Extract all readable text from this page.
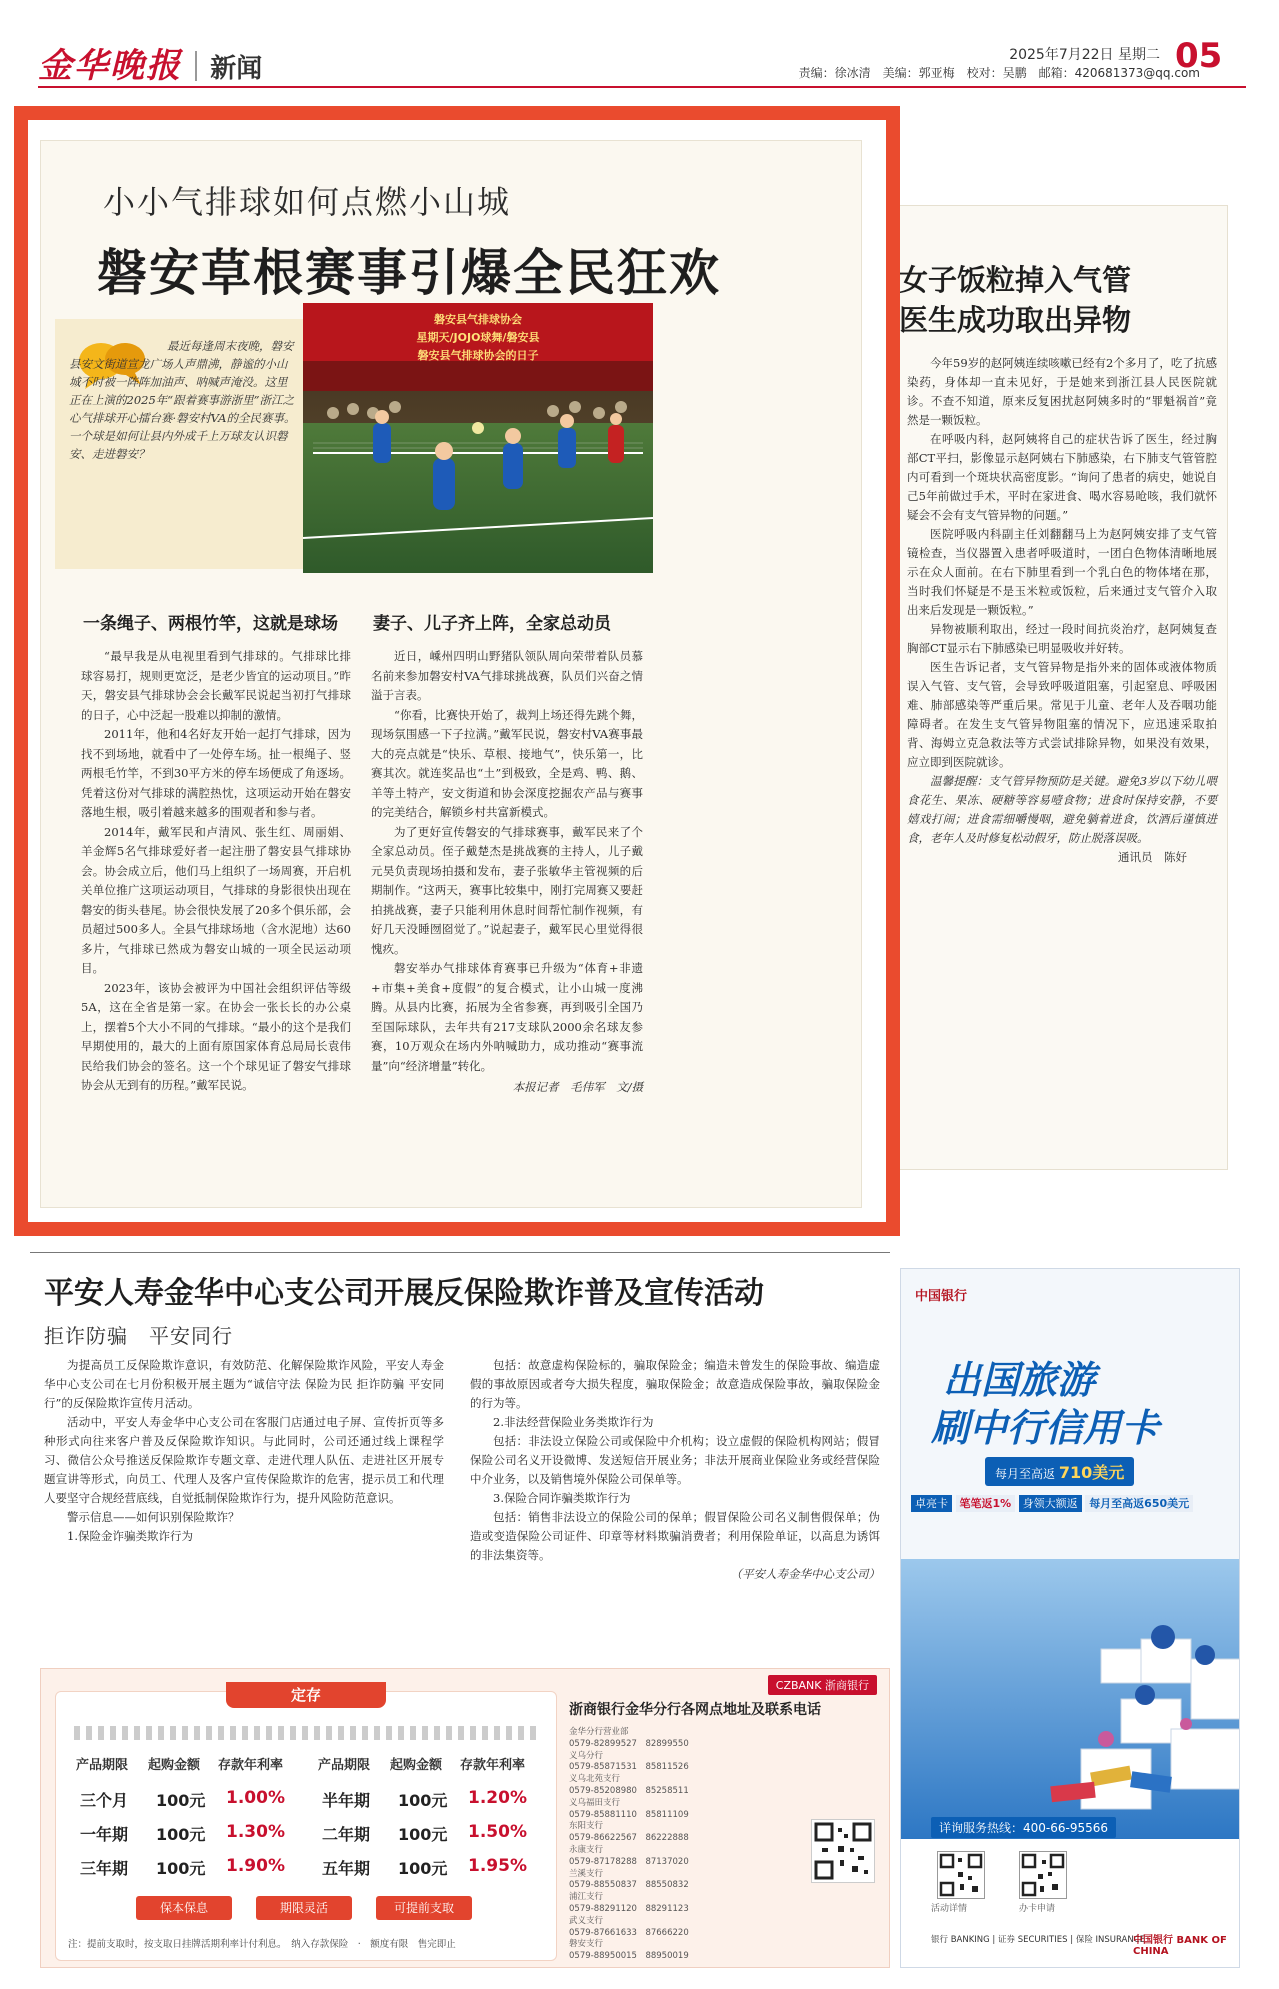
金华晚报 新闻	2025年7月22日 星期二 05
责编：徐冰清　美编：郭亚梅　校对：吴鹏　邮箱：420681373@qq.com
女子饭粒掉入气管
医生成功取出异物

今年59岁的赵阿姨连续咳嗽已经有2个多月了，吃了抗感染药，身体却一直未见好，于是她来到浙江县人民医院就诊。不查不知道，原来反复困扰赵阿姨多时的“罪魁祸首”竟然是一颗饭粒。

在呼吸内科，赵阿姨将自己的症状告诉了医生，经过胸部CT平扫，影像显示赵阿姨右下肺感染，右下肺支气管管腔内可看到一个斑块状高密度影。“询问了患者的病史，她说自己5年前做过手术，平时在家进食、喝水容易呛咳，我们就怀疑会不会有支气管异物的问题。”

医院呼吸内科副主任刘翻翻马上为赵阿姨安排了支气管镜检查，当仪器置入患者呼吸道时，一团白色物体清晰地展示在众人面前。在右下肺里看到一个乳白色的物体堵在那，当时我们怀疑是不是玉米粒或饭粒，后来通过支气管介入取出来后发现是一颗饭粒。”

异物被顺利取出，经过一段时间抗炎治疗，赵阿姨复查胸部CT显示右下肺感染已明显吸收并好转。

医生告诉记者，支气管异物是指外来的固体或液体物质误入气管、支气管，会导致呼吸道阻塞，引起窒息、呼吸困难、肺部感染等严重后果。常见于儿童、老年人及吞咽功能障碍者。在发生支气管异物阻塞的情况下，应迅速采取拍背、海姆立克急救法等方式尝试排除异物，如果没有效果，应立即到医院就诊。

温馨提醒：支气管异物预防是关键。避免3岁以下幼儿喂食花生、果冻、硬糖等容易噎食物；进食时保持安静，不要嬉戏打闹；进食需细嚼慢咽，避免躺着进食，饮酒后谨慎进食，老年人及时修复松动假牙，防止脱落误吸。

通讯员　陈好
小小气排球如何点燃小山城
磐安草根赛事引爆全民狂欢
最近每逢周末夜晚，磐安县安文街道宣龙广场人声鼎沸，静谧的小山城不时被一阵阵加油声、呐喊声淹没。这里正在上演的2025年“跟着赛事游浙里”浙江之心气排球开心擂台赛·磐安村VA的全民赛事。一个球是如何让县内外成千上万球友认识磐安、走进磐安？
磐安县气排球协会
星期天/JOJO球舞/磐安县
磐安县气排球协会的日子
一条绳子、两根竹竿，这就是球场

“最早我是从电视里看到气排球的。气排球比排球容易打，规则更宽泛，是老少皆宜的运动项目。”昨天，磐安县气排球协会会长戴军民说起当初打气排球的日子，心中泛起一股难以抑制的激情。

2011年，他和4名好友开始一起打气排球，因为找不到场地，就看中了一处停车场。扯一根绳子、竖两根毛竹竿，不到30平方米的停车场便成了角逐场。凭着这份对气排球的满腔热忱，这项运动开始在磐安落地生根，吸引着越来越多的围观者和参与者。

2014年，戴军民和卢清风、张生红、周丽娟、羊金辉5名气排球爱好者一起注册了磐安县气排球协会。协会成立后，他们马上组织了一场周赛，开启机关单位推广这项运动项目，气排球的身影很快出现在磐安的街头巷尾。协会很快发展了20多个俱乐部，会员超过500多人。全县气排球场地（含水泥地）达60多片，气排球已然成为磐安山城的一项全民运动项目。

2023年，该协会被评为中国社会组织评估等级5A，这在全省是第一家。在协会一张长长的办公桌上，摆着5个大小不同的气排球。“最小的这个是我们早期使用的，最大的上面有原国家体育总局局长袁伟民给我们协会的签名。这一个个球见证了磐安气排球协会从无到有的历程。”戴军民说。

妻子、儿子齐上阵，全家总动员

近日，嵊州四明山野猪队领队周向荣带着队员慕名前来参加磐安村VA气排球挑战赛，队员们兴奋之情溢于言表。

“你看，比赛快开始了，裁判上场还得先跳个舞，现场氛围感一下子拉满。”戴军民说，磐安村VA赛事最大的亮点就是“快乐、草根、接地气”，快乐第一，比赛其次。就连奖品也“土”到极致，全是鸡、鸭、鹅、羊等土特产，安文街道和协会深度挖掘农产品与赛事的完美结合，解锁乡村共富新模式。

为了更好宣传磐安的气排球赛事，戴军民来了个全家总动员。侄子戴楚杰是挑战赛的主持人，儿子戴元昊负责现场拍摄和发布，妻子张敏华主管视频的后期制作。“这两天，赛事比较集中，刚打完周赛又要赶拍挑战赛，妻子只能利用休息时间帮忙制作视频，有好几天没睡囫囵觉了。”说起妻子，戴军民心里觉得很愧疚。

磐安举办气排球体育赛事已升级为“体育+非遗+市集+美食+度假”的复合模式，让小山城一度沸腾。从县内比赛，拓展为全省参赛，再到吸引全国乃至国际球队，去年共有217支球队2000余名球友参赛，10万观众在场内外呐喊助力，成功推动“赛事流量”向“经济增量”转化。

本报记者　毛伟军　文/摄
平安人寿金华中心支公司开展反保险欺诈普及宣传活动
拒诈防骗　平安同行

为提高员工反保险欺诈意识，有效防范、化解保险欺诈风险，平安人寿金华中心支公司在七月份积极开展主题为“诚信守法 保险为民 拒诈防骗 平安同行”的反保险欺诈宣传月活动。

活动中，平安人寿金华中心支公司在客服门店通过电子屏、宣传折页等多种形式向往来客户普及反保险欺诈知识。与此同时，公司还通过线上课程学习、微信公众号推送反保险欺诈专题文章、走进代理人队伍、走进社区开展专题宣讲等形式，向员工、代理人及客户宣传保险欺诈的危害，提示员工和代理人要坚守合规经营底线，自觉抵制保险欺诈行为，提升风险防范意识。

警示信息——如何识别保险欺诈？

1.保险金诈骗类欺诈行为

包括：故意虚构保险标的，骗取保险金；编造未曾发生的保险事故、编造虚假的事故原因或者夸大损失程度，骗取保险金；故意造成保险事故，骗取保险金的行为等。

2.非法经营保险业务类欺诈行为

包括：非法设立保险公司或保险中介机构；设立虚假的保险机构网站；假冒保险公司名义开设微博、发送短信开展业务；非法开展商业保险业务或经营保险中介业务，以及销售境外保险公司保单等。

3.保险合同诈骗类欺诈行为

包括：销售非法设立的保险公司的保单；假冒保险公司名义制售假保单；伪造或变造保险公司证件、印章等材料欺骗消费者；利用保险单证，以高息为诱饵的非法集资等。

（平安人寿金华中心支公司）
CZBANK 浙商银行
定存
产品期限 起购金额 存款年利率	产品期限 起购金额 存款年利率
三个月 100元 1.00%
一年期 100元 1.30%
三年期 100元 1.90%
半年期 100元 1.20%
二年期 100元 1.50%
五年期 100元 1.95%
保本保息	期限灵活	可提前支取
注：提前支取时，按支取日挂牌活期利率计付利息。　纳入存款保险　·　额度有限　售完即止
浙商银行金华分行各网点地址及联系电话
金华分行营业部
0579-82899527　82899550
义乌分行
0579-85871531　85811526
义乌北苑支行
0579-85208980　85258511
义乌福田支行
0579-85881110　85811109
东阳支行
0579-86622567　86222888
永康支行
0579-87178288　87137020
兰溪支行
0579-88550837　88550832
浦江支行
0579-88291120　88291123
武义支行
0579-87661633　87666220
磐安支行
0579-88950015　88950019
中国银行
出国旅游
刷中行信用卡
每月至高返 710美元
卓亮卡 笔笔返1% 身领大额返 每月至高返650美元
详询服务热线：400-66-95566
活动详情	办卡申请
银行 BANKING | 证券 SECURITIES | 保险 INSURANCE
中国银行 BANK OF CHINA
